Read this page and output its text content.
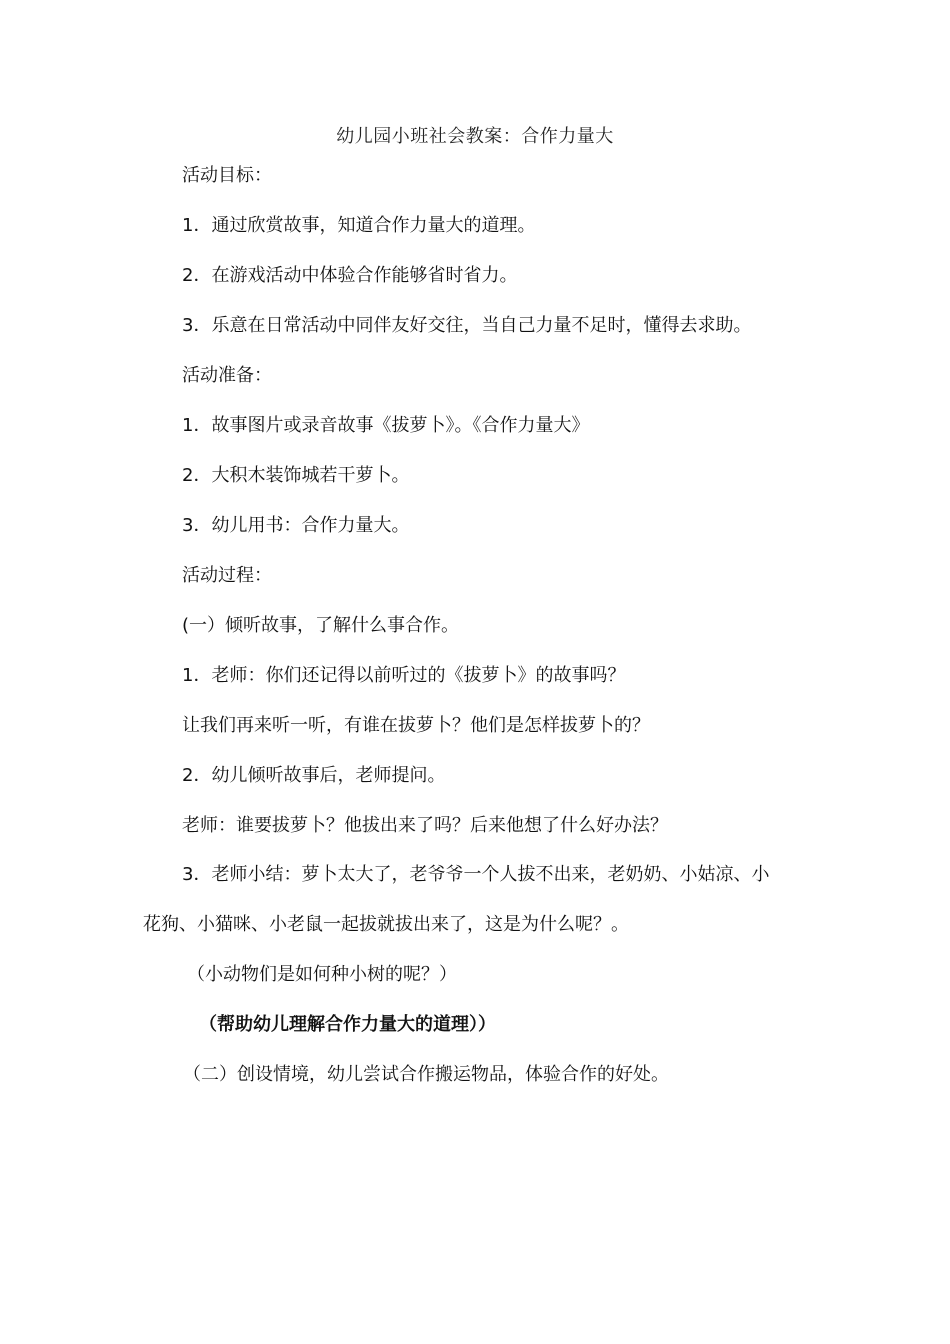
幼儿园小班社会教案：合作力量大
活动目标：
1．通过欣赏故事，知道合作力量大的道理。
2．在游戏活动中体验合作能够省时省力。
3．乐意在日常活动中同伴友好交往，当自己力量不足时，懂得去求助。
活动准备：
1．故事图片或录音故事《拔萝卜》。《合作力量大》
2．大积木装饰城若干萝卜。
3．幼儿用书：合作力量大。
活动过程：
(一）倾听故事，了解什么事合作。
1．老师：你们还记得以前听过的《拔萝卜》的故事吗？
让我们再来听一听，有谁在拔萝卜？他们是怎样拔萝卜的？
2．幼儿倾听故事后，老师提问。
老师：谁要拔萝卜？他拔出来了吗？后来他想了什么好办法？
3．老师小结：萝卜太大了，老爷爷一个人拔不出来，老奶奶、小姑凉、小
花狗、小猫咪、小老鼠一起拔就拔出来了，这是为什么呢？。
（小动物们是如何种小树的呢？）
（帮助幼儿理解合作力量大的道理））
（二）创设情境，幼儿尝试合作搬运物品，体验合作的好处。
